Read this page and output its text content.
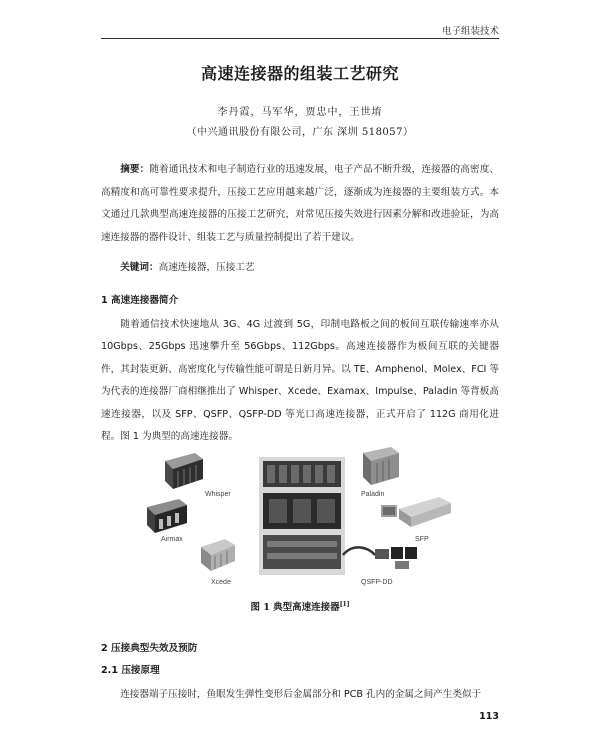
电子组装技术
高速连接器的组装工艺研究
李丹霞，马军华，贾忠中，王世堉
（中兴通讯股份有限公司，广东 深圳 518057）
摘要：随着通讯技术和电子制造行业的迅速发展，电子产品不断升级，连接器的高密度、高精度和高可靠性要求提升，压接工艺应用越来越广泛，逐渐成为连接器的主要组装方式。本文通过几款典型高速连接器的压接工艺研究，对常见压接失效进行因素分解和改进验证，为高速连接器的器件设计、组装工艺与质量控制提出了若干建议。
关键词：高速连接器，压接工艺
1 高速连接器简介
随着通信技术快速地从 3G、4G 过渡到 5G，印制电路板之间的板间互联传输速率亦从 10Gbps、25Gbps 迅速攀升至 56Gbps、112Gbps。高速连接器作为板间互联的关键器件，其封装更新、高密度化与传输性能可谓是日新月异。以 TE、Amphenol、Molex、FCI 等为代表的连接器厂商相继推出了 Whisper、Xcede、Examax、Impulse、Paladin 等背板高速连接器，以及 SFP、QSFP、QSFP-DD 等光口高速连接器，正式开启了 112G 商用化进程。图 1 为典型的高速连接器。
Whisper
Airmax
Xcede
Paladin
SFP
QSFP-DD
图 1 典型高速连接器[1]
2 压接典型失效及预防
2.1 压接原理
连接器端子压接时，鱼眼发生弹性变形后金属部分和 PCB 孔内的金属之间产生类似于
113
